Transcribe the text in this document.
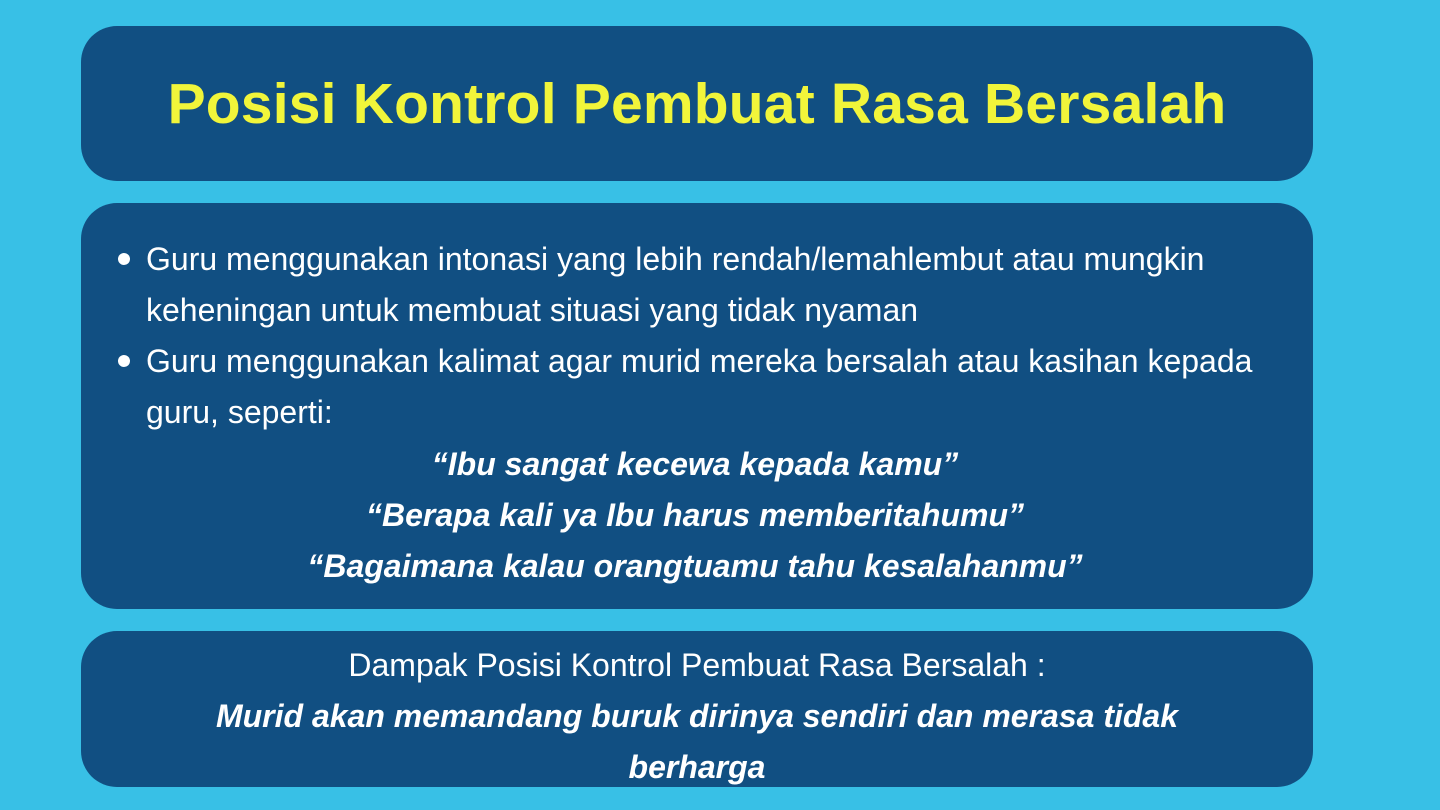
Posisi Kontrol Pembuat Rasa Bersalah
Guru menggunakan intonasi yang lebih rendah/lemahlembut atau mungkin keheningan untuk membuat situasi yang tidak nyaman
Guru menggunakan kalimat agar murid mereka bersalah atau kasihan kepada guru, seperti:
“Ibu sangat kecewa kepada kamu”
“Berapa kali ya Ibu harus memberitahumu”
“Bagaimana kalau orangtuamu tahu kesalahanmu”
Dampak Posisi Kontrol Pembuat Rasa Bersalah :
Murid akan memandang buruk dirinya sendiri dan merasa tidak berharga
